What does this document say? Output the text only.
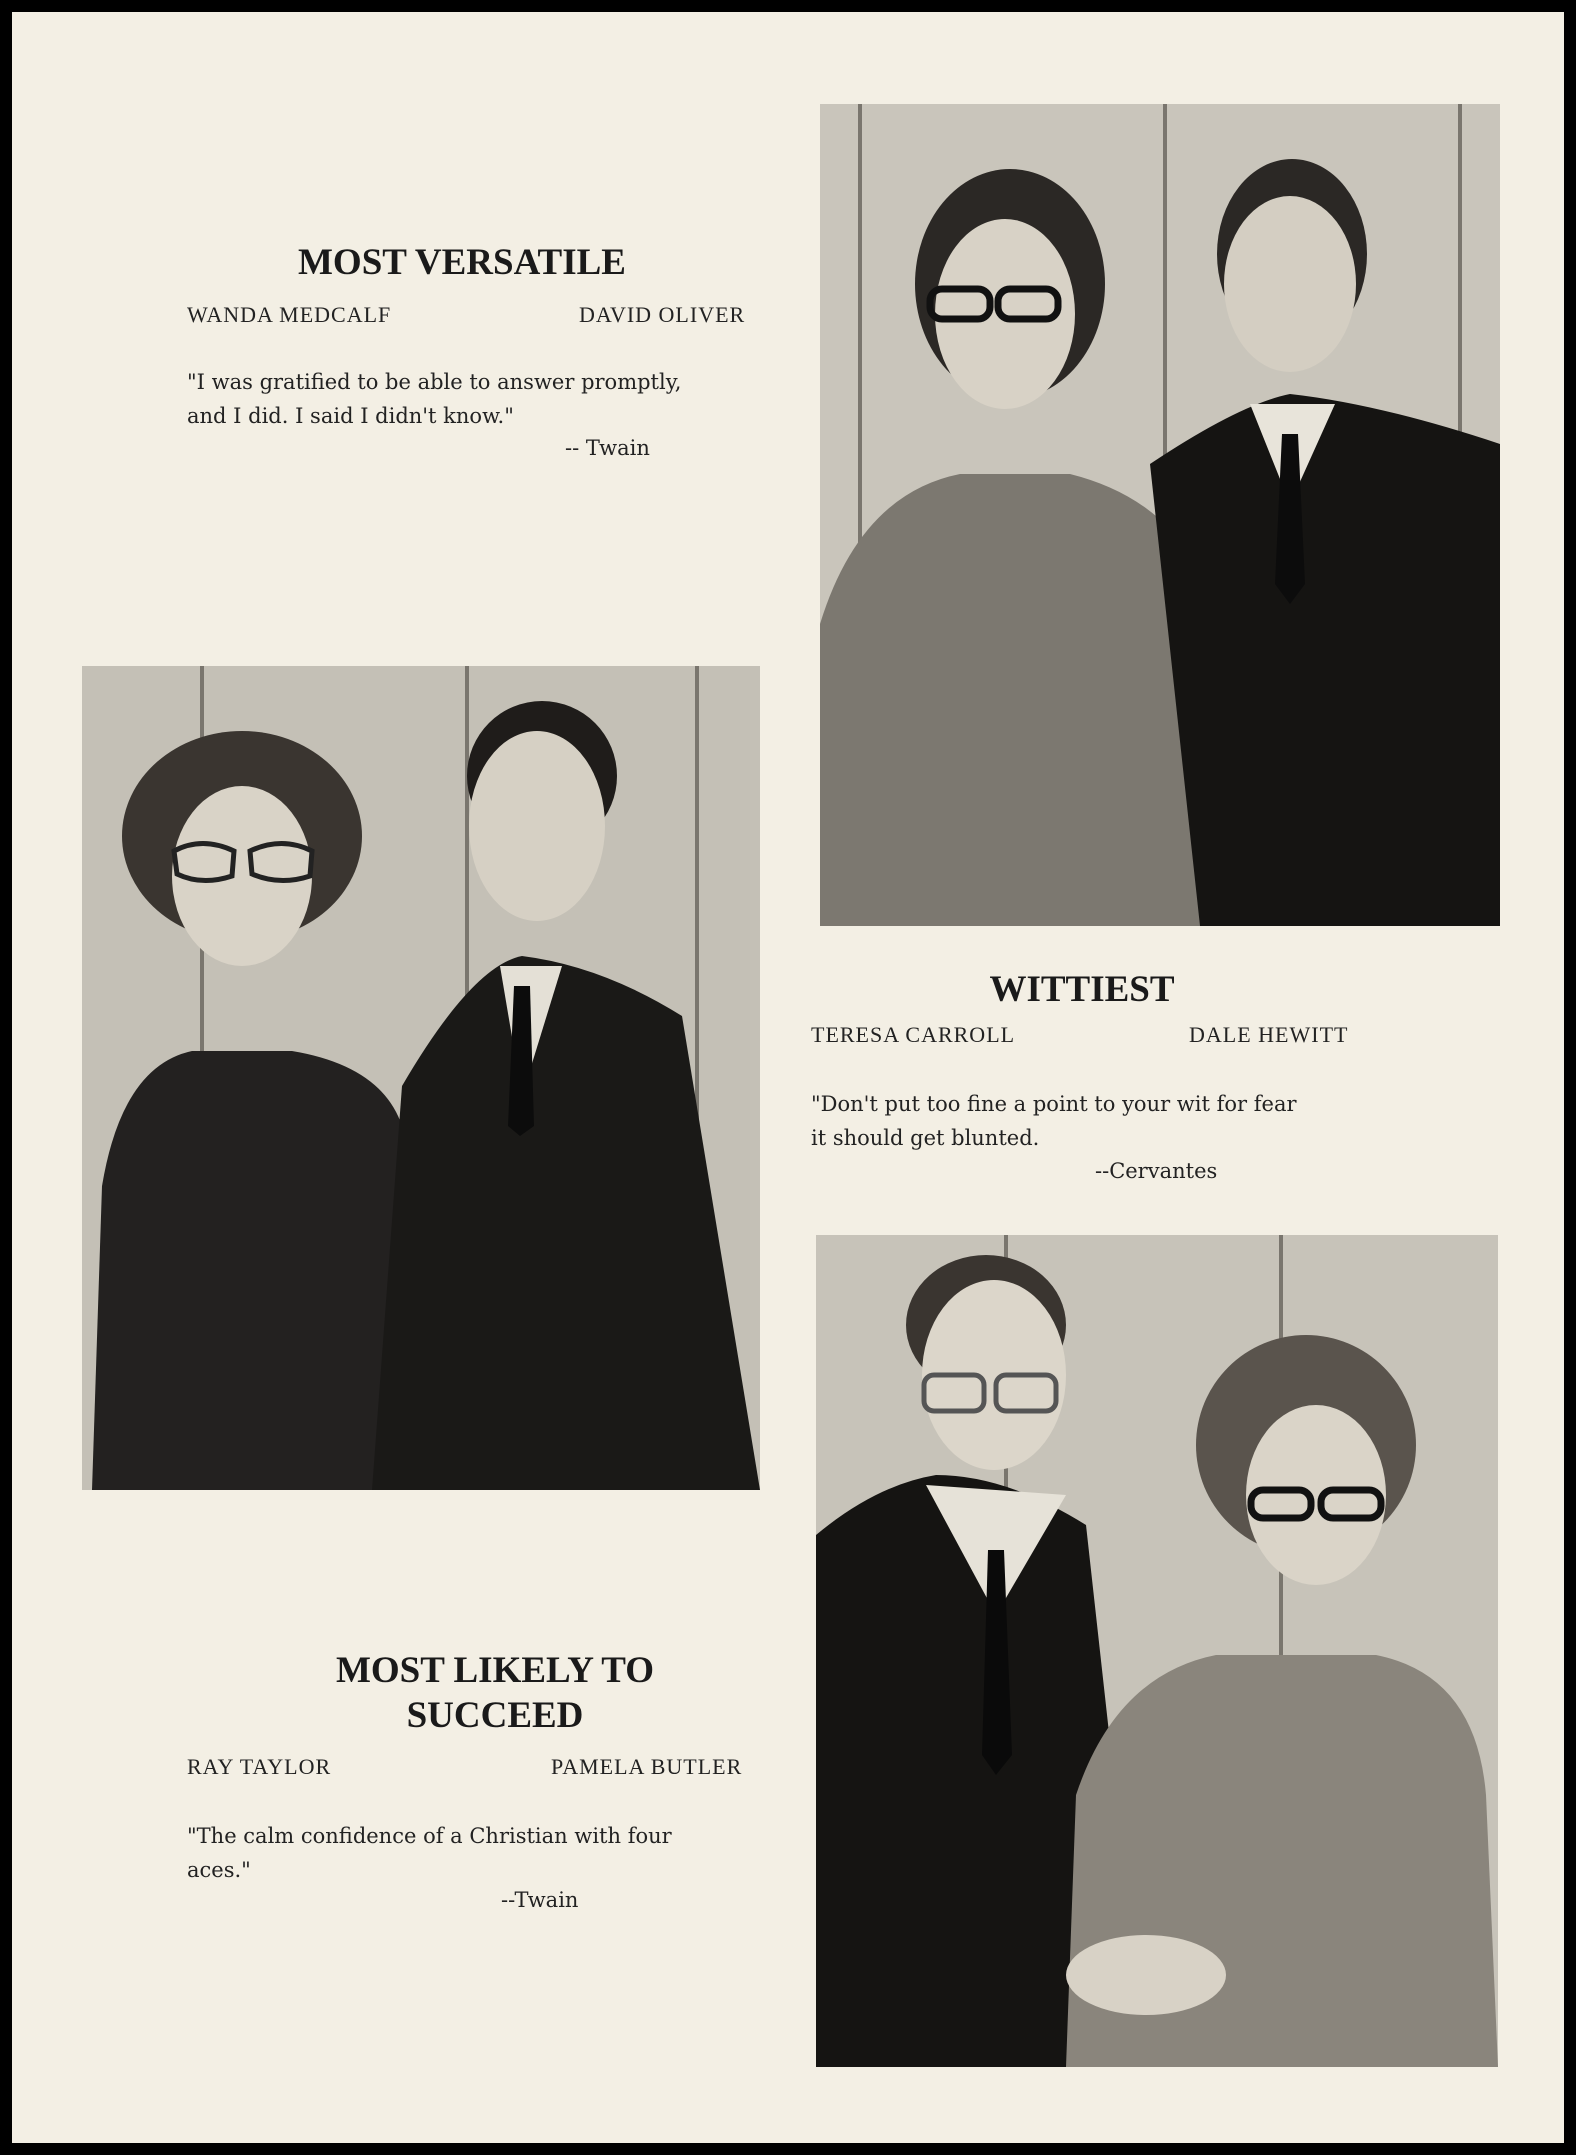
MOST VERSATILE
WANDA MEDCALF	DAVID OLIVER
"I was gratified to be able to answer promptly,
and I did. I said I didn't know."
-- Twain
WITTIEST
TERESA CARROLL	DALE HEWITT
"Don't put too fine a point to your wit for fear
it should get blunted.
--Cervantes
MOST LIKELY TO
SUCCEED
RAY TAYLOR	PAMELA BUTLER
"The calm confidence of a Christian with four
aces."
--Twain
